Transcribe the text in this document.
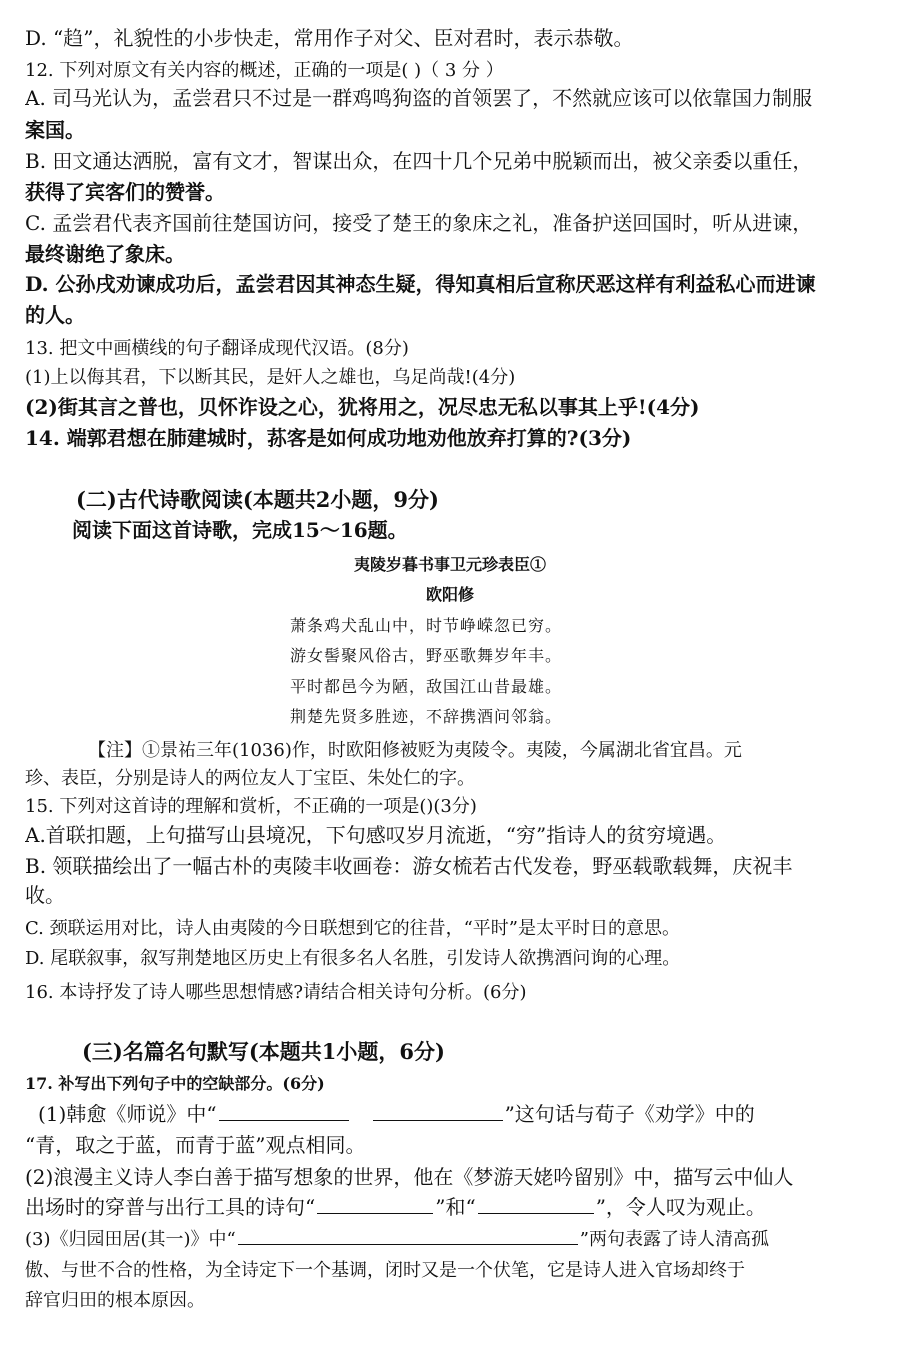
D. “趋”，礼貌性的小步快走，常用作子对父、臣对君时，表示恭敬。
12. 下列对原文有关内容的概述，正确的一项是( )（ 3 分 ）
A. 司马光认为，孟尝君只不过是一群鸡鸣狗盗的首领罢了，不然就应该可以依靠国力制服
案国。
B. 田文通达洒脱，富有文才，智谋出众，在四十几个兄弟中脱颖而出，被父亲委以重任，
获得了宾客们的赞誉。
C. 孟尝君代表齐国前往楚国访问，接受了楚王的象床之礼，准备护送回国时，听从进谏，
最终谢绝了象床。
D. 公孙戌劝谏成功后，孟尝君因其神态生疑，得知真相后宣称厌恶这样有利益私心而进谏
的人。
13. 把文中画横线的句子翻译成现代汉语。(8分)
(1)上以侮其君，下以断其民，是奸人之雄也，乌足尚哉!(4分)
(2)街其言之普也，贝怀诈设之心，犹将用之，况尽忠无私以事其上乎!(4分)
14. 端郭君想在肺建城时，荪客是如何成功地劝他放弃打算的?(3分)
(二)古代诗歌阅读(本题共2小题，9分)
阅读下面这首诗歌，完成15～16题。
夷陵岁暮书事卫元珍表臣①
欧阳修
萧条鸡犬乱山中，时节峥嵘忽已穷。
游女髻聚风俗古，野巫歌舞岁年丰。
平时都邑今为陋，敌国江山昔最雄。
荆楚先贤多胜迹，不辞携酒问邻翁。
【注】①景祐三年(1036)作，时欧阳修被贬为夷陵令。夷陵，今属湖北省宜昌。元
珍、表臣，分别是诗人的两位友人丁宝臣、朱处仁的字。
15. 下列对这首诗的理解和赏析，不正确的一项是()(3分)
A.首联扣题，上句描写山县境况，下句感叹岁月流逝，“穷”指诗人的贫穷境遇。
B. 领联描绘出了一幅古朴的夷陵丰收画卷：游女梳若古代发卷，野巫载歌载舞，庆祝丰
收。
C. 颈联运用对比，诗人由夷陵的今日联想到它的往昔，“平时”是太平时日的意思。
D. 尾联叙事，叙写荆楚地区历史上有很多名人名胜，引发诗人欲携酒问询的心理。
16. 本诗抒发了诗人哪些思想情感?请结合相关诗句分析。(6分)
(三)名篇名句默写(本题共1小题，6分)
17. 补写出下列句子中的空缺部分。(6分)
(1)韩愈《师说》中“	”这句话与荀子《劝学》中的
“青，取之于蓝，而青于蓝”观点相同。
(2)浪漫主义诗人李白善于描写想象的世界，他在《梦游天姥吟留别》中，描写云中仙人
出场时的穿普与出行工具的诗句“	”和“	”，令人叹为观止。
(3)《归园田居(其一)》中“	”两句表露了诗人清高孤
傲、与世不合的性格，为全诗定下一个基调，闭时又是一个伏笔，它是诗人进入官场却终于
辞官归田的根本原因。
